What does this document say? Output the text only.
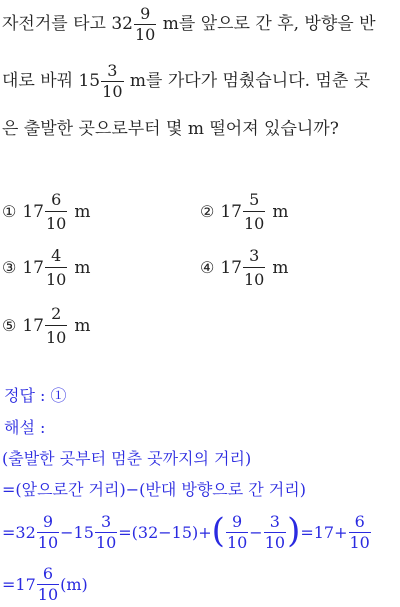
자전거를 타고 $32 \frac{9}{10}$ m를 앞으로 간 후, 방향을 반
대로 바꿔 $15 \frac{3}{10}$ m를 가다가 멈췄습니다. 멈춘 곳
은 출발한 곳으로부터 몇 m 떨어져 있습니까?
① $17 \frac{6}{10}$ m	② $17 \frac{5}{10}$ m
③ $17 \frac{4}{10}$ m	④ $17 \frac{3}{10}$ m
⑤ $17 \frac{2}{10}$ m
정답 : ①
해설 :
(출발한 곳부터 멈춘 곳까지의 거리)
=(앞으로간 거리)−(반대 방향으로 간 거리)
$=32 \frac{9}{10} -15 \frac{3}{10} =(32-15)+$ ( $\frac{9}{10} - \frac{3}{10}$ ) $=17+ \frac{6}{10}$
$=17 \frac{6}{10} (m)$
